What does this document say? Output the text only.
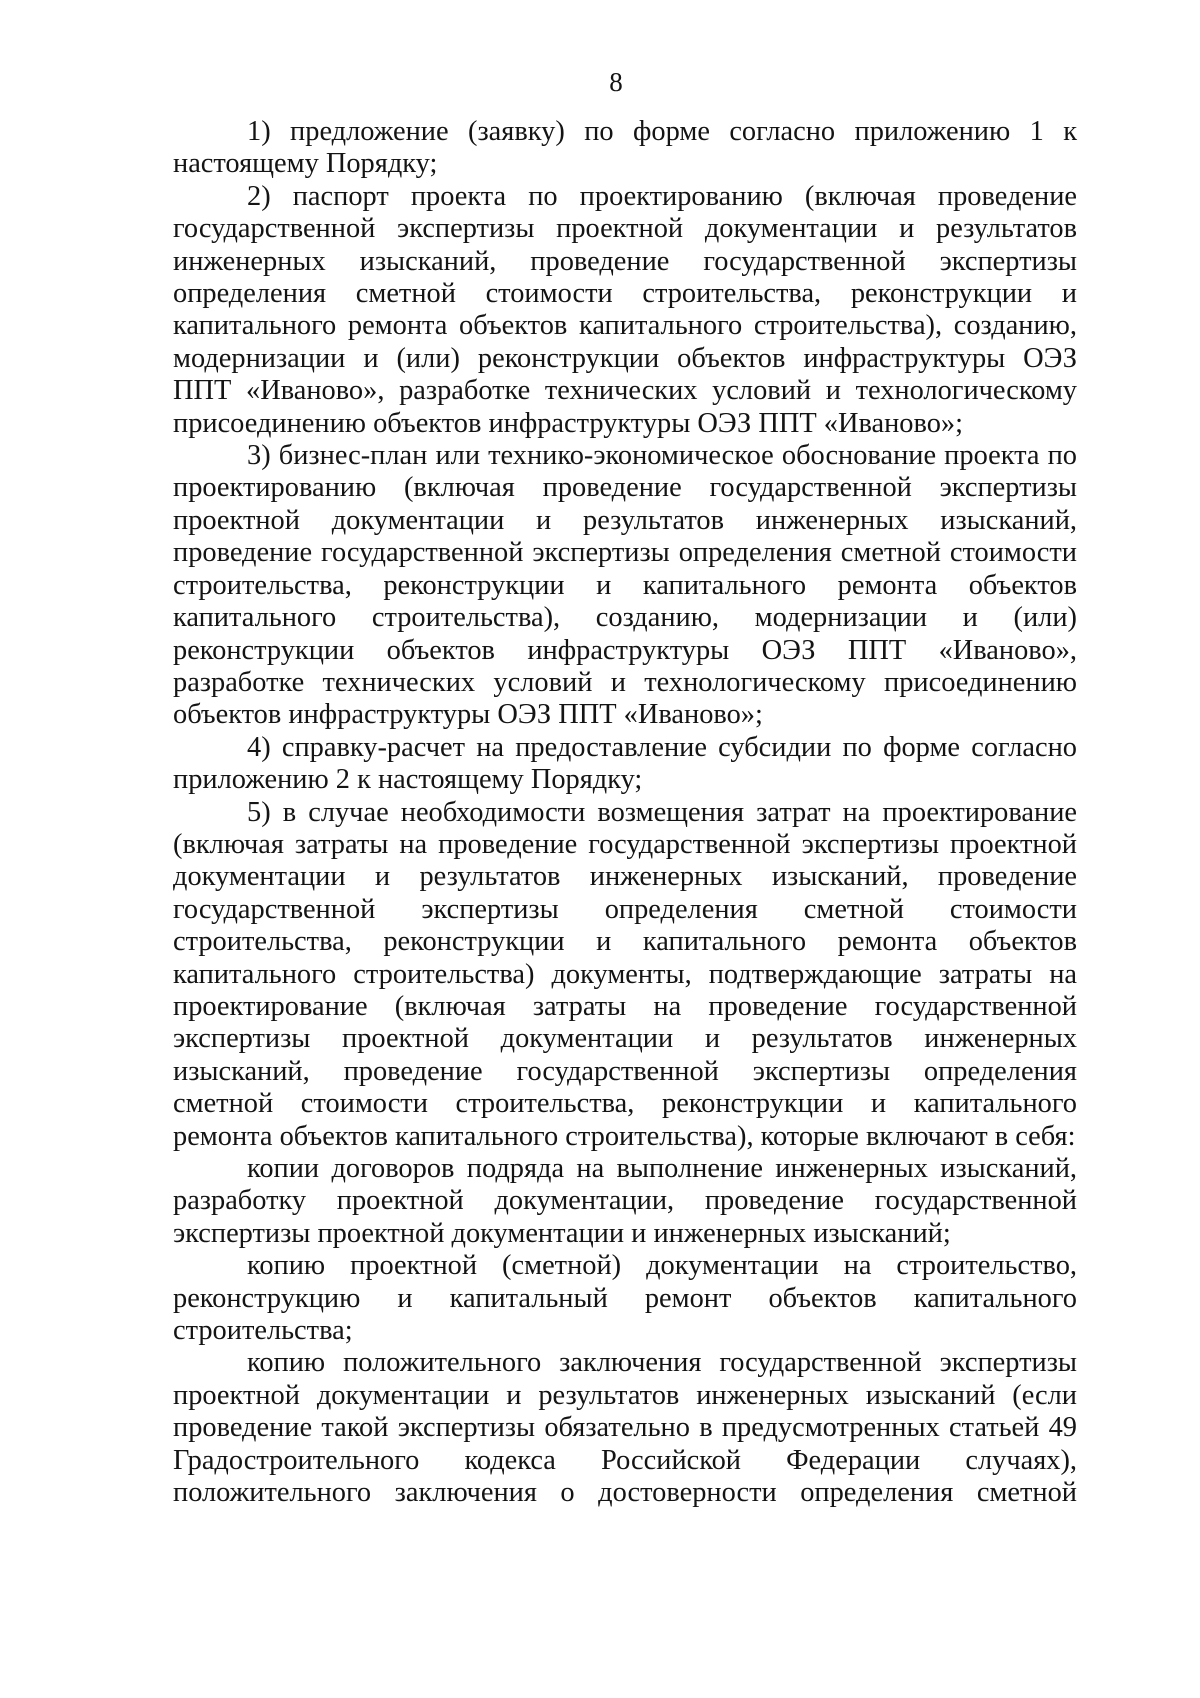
8

1) предложение (заявку) по форме согласно приложению 1 к настоящему Порядку;

2) паспорт проекта по проектированию (включая проведение государственной экспертизы проектной документации и результатов инженерных изысканий, проведение государственной экспертизы определения сметной стоимости строительства, реконструкции и капитального ремонта объектов капитального строительства), созданию, модернизации и (или) реконструкции объектов инфраструктуры ОЭЗ ППТ «Иваново», разработке технических условий и технологическому присоединению объектов инфраструктуры ОЭЗ ППТ «Иваново»;

3) бизнес-план или технико-экономическое обоснование проекта по проектированию (включая проведение государственной экспертизы проектной документации и результатов инженерных изысканий, проведение государственной экспертизы определения сметной стоимости строительства, реконструкции и капитального ремонта объектов капитального строительства), созданию, модернизации и (или) реконструкции объектов инфраструктуры ОЭЗ ППТ «Иваново», разработке технических условий и технологическому присоединению объектов инфраструктуры ОЭЗ ППТ «Иваново»;

4) справку-расчет на предоставление субсидии по форме согласно приложению 2 к настоящему Порядку;

5) в случае необходимости возмещения затрат на проектирование (включая затраты на проведение государственной экспертизы проектной документации и результатов инженерных изысканий, проведение государственной экспертизы определения сметной стоимости строительства, реконструкции и капитального ремонта объектов капитального строительства) документы, подтверждающие затраты на проектирование (включая затраты на проведение государственной экспертизы проектной документации и результатов инженерных изысканий, проведение государственной экспертизы определения сметной стоимости строительства, реконструкции и капитального ремонта объектов капитального строительства), которые включают в себя:

копии договоров подряда на выполнение инженерных изысканий, разработку проектной документации, проведение государственной экспертизы проектной документации и инженерных изысканий;

копию проектной (сметной) документации на строительство, реконструкцию и капитальный ремонт объектов капитального строительства;

копию положительного заключения государственной экспертизы проектной документации и результатов инженерных изысканий (если проведение такой экспертизы обязательно в предусмотренных статьей 49 Градостроительного кодекса Российской Федерации случаях), положительного заключения о достоверности определения сметной
